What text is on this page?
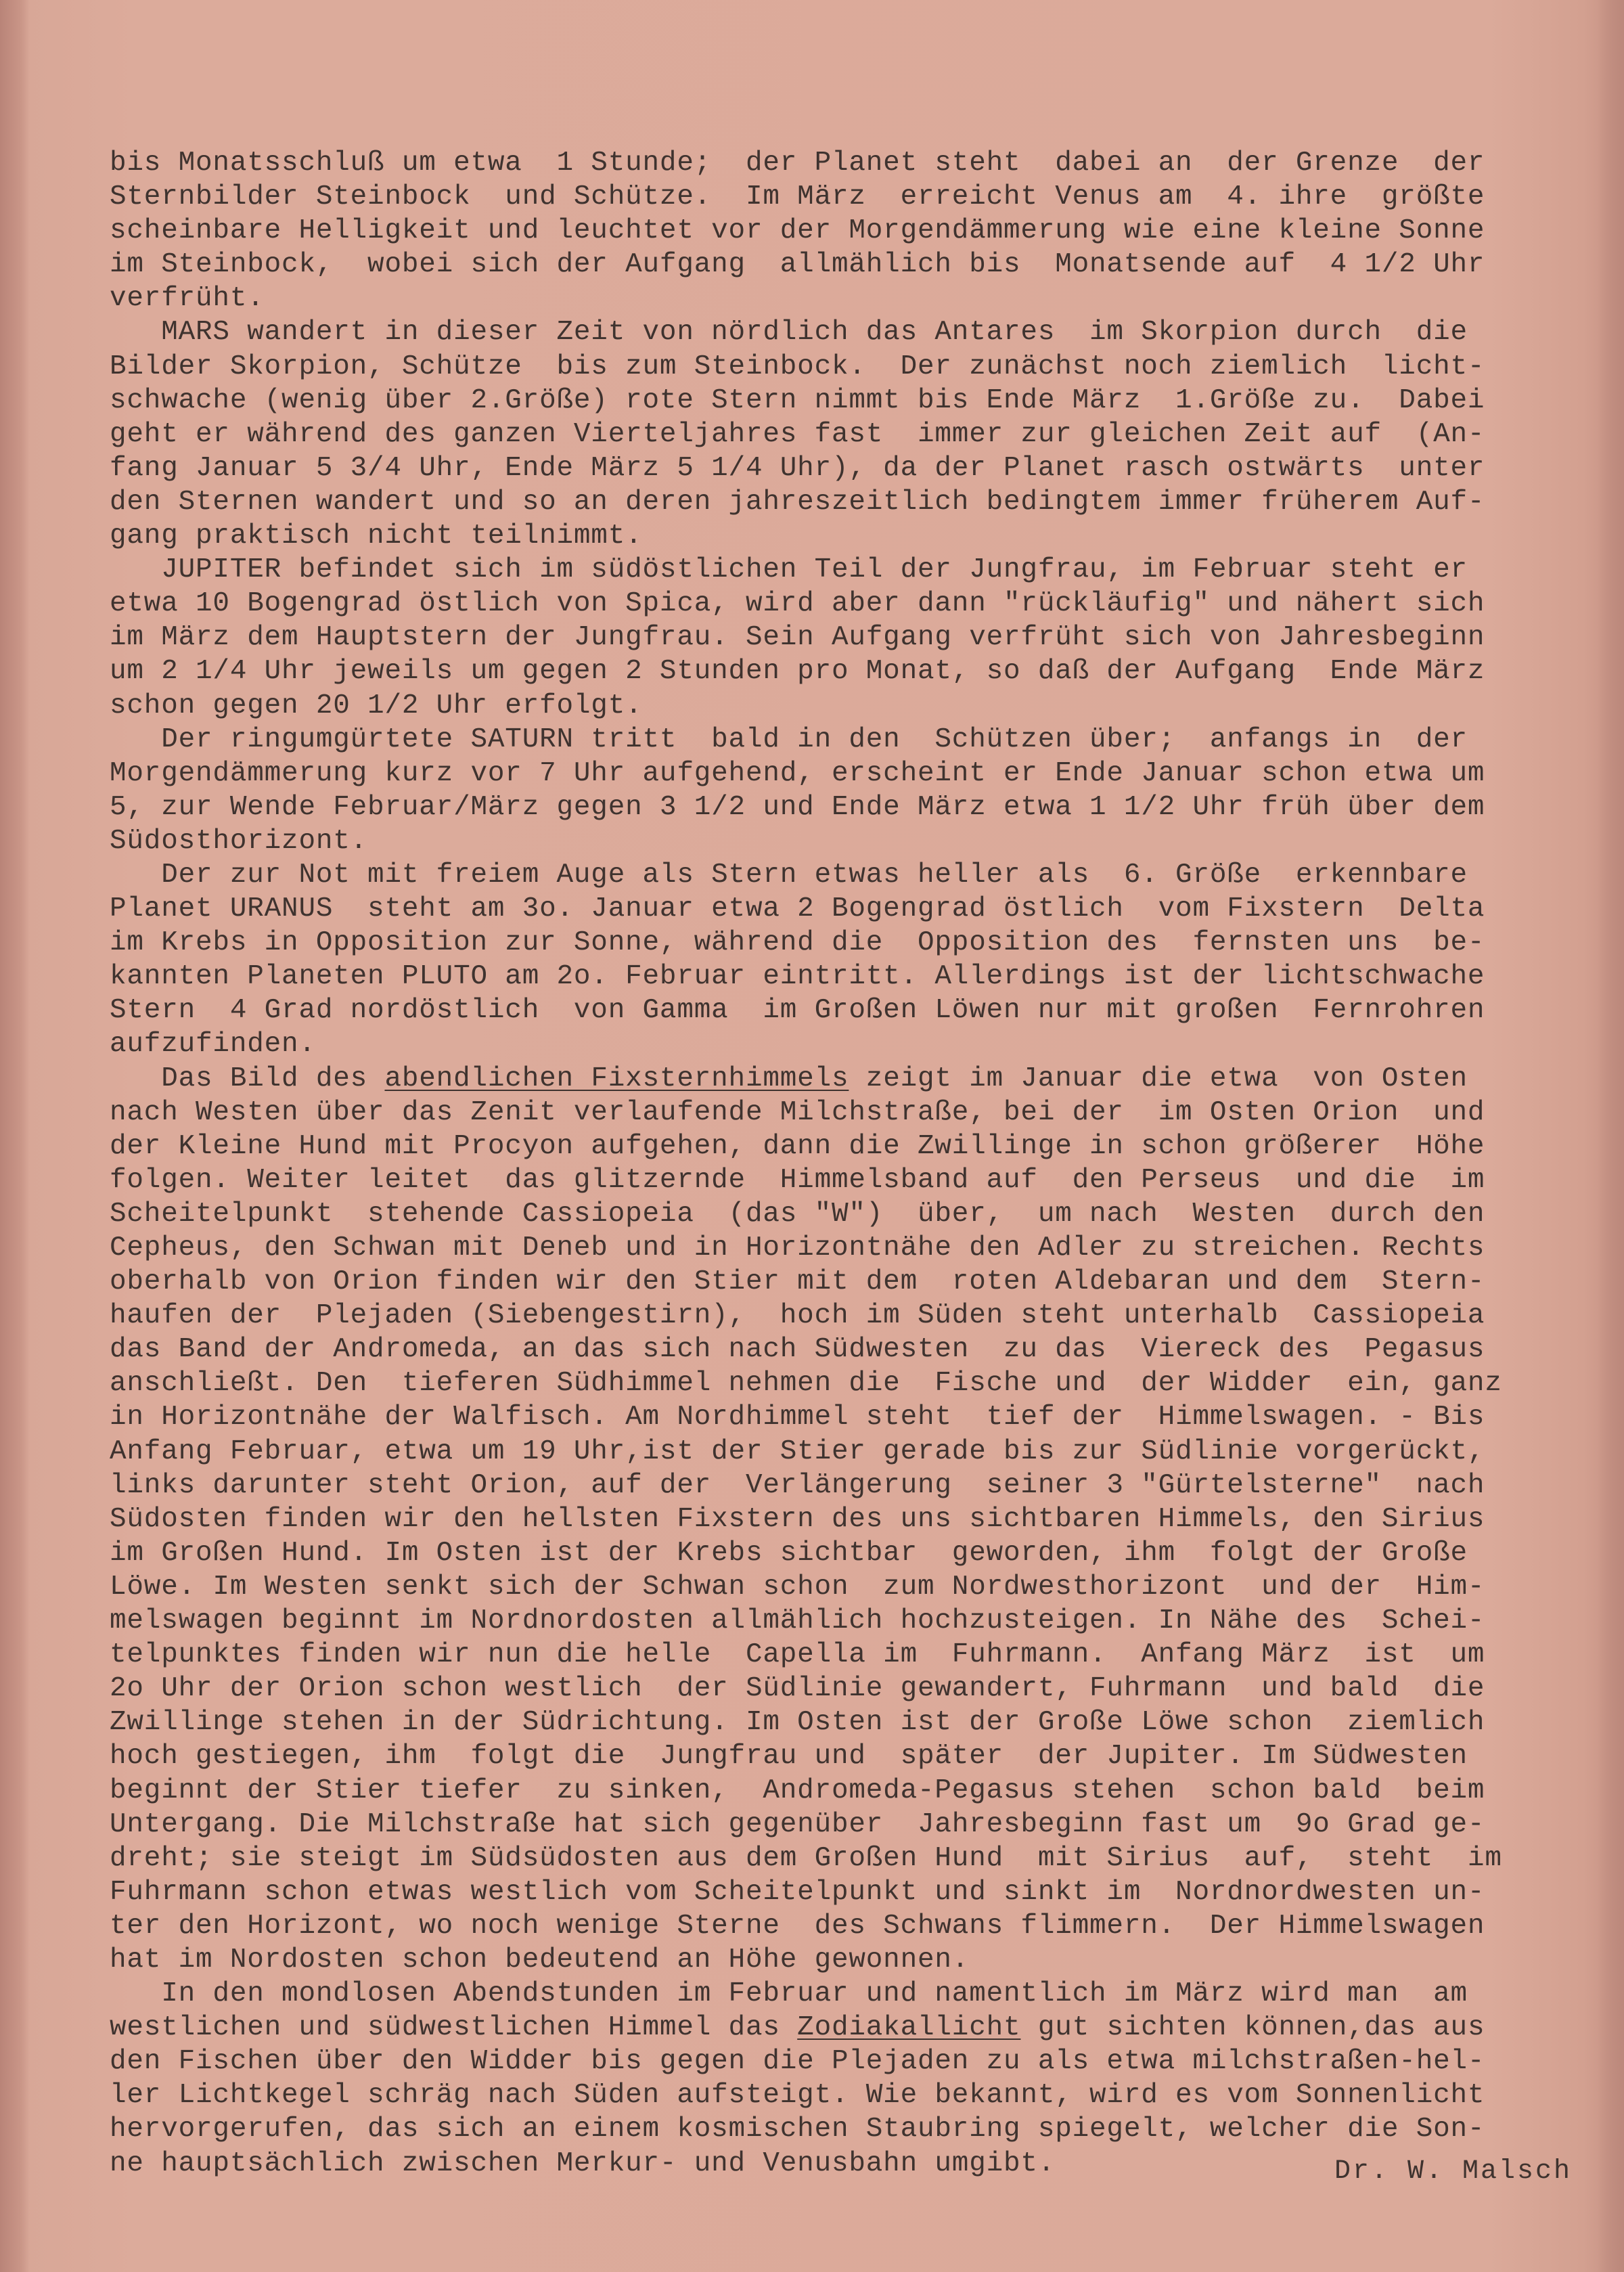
bis Monatsschluß um etwa  1 Stunde;  der Planet steht  dabei an  der Grenze  der
Sternbilder Steinbock  und Schütze.  Im März  erreicht Venus am  4. ihre  größte
scheinbare Helligkeit und leuchtet vor der Morgendämmerung wie eine kleine Sonne
im Steinbock,  wobei sich der Aufgang  allmählich bis  Monatsende auf  4 1/2 Uhr
verfrüht.
MARS wandert in dieser Zeit von nördlich das Antares  im Skorpion durch  die
Bilder Skorpion, Schütze  bis zum Steinbock.  Der zunächst noch ziemlich  licht-
schwache (wenig über 2.Größe) rote Stern nimmt bis Ende März  1.Größe zu.  Dabei
geht er während des ganzen Vierteljahres fast  immer zur gleichen Zeit auf  (An-
fang Januar 5 3/4 Uhr, Ende März 5 1/4 Uhr), da der Planet rasch ostwärts  unter
den Sternen wandert und so an deren jahreszeitlich bedingtem immer früherem Auf-
gang praktisch nicht teilnimmt.
JUPITER befindet sich im südöstlichen Teil der Jungfrau, im Februar steht er
etwa 10 Bogengrad östlich von Spica, wird aber dann "rückläufig" und nähert sich
im März dem Hauptstern der Jungfrau. Sein Aufgang verfrüht sich von Jahresbeginn
um 2 1/4 Uhr jeweils um gegen 2 Stunden pro Monat, so daß der Aufgang  Ende März
schon gegen 20 1/2 Uhr erfolgt.
Der ringumgürtete SATURN tritt  bald in den  Schützen über;  anfangs in  der
Morgendämmerung kurz vor 7 Uhr aufgehend, erscheint er Ende Januar schon etwa um
5, zur Wende Februar/März gegen 3 1/2 und Ende März etwa 1 1/2 Uhr früh über dem
Südosthorizont.
Der zur Not mit freiem Auge als Stern etwas heller als  6. Größe  erkennbare
Planet URANUS  steht am 3o. Januar etwa 2 Bogengrad östlich  vom Fixstern  Delta
im Krebs in Opposition zur Sonne, während die  Opposition des  fernsten uns  be-
kannten Planeten PLUTO am 2o. Februar eintritt. Allerdings ist der lichtschwache
Stern  4 Grad nordöstlich  von Gamma  im Großen Löwen nur mit großen  Fernrohren
aufzufinden.
Das Bild des abendlichen Fixsternhimmels zeigt im Januar die etwa  von Osten
nach Westen über das Zenit verlaufende Milchstraße, bei der  im Osten Orion  und
der Kleine Hund mit Procyon aufgehen, dann die Zwillinge in schon größerer  Höhe
folgen. Weiter leitet  das glitzernde  Himmelsband auf  den Perseus  und die  im
Scheitelpunkt  stehende Cassiopeia  (das "W")  über,  um nach  Westen  durch den
Cepheus, den Schwan mit Deneb und in Horizontnähe den Adler zu streichen. Rechts
oberhalb von Orion finden wir den Stier mit dem  roten Aldebaran und dem  Stern-
haufen der  Plejaden (Siebengestirn),  hoch im Süden steht unterhalb  Cassiopeia
das Band der Andromeda, an das sich nach Südwesten  zu das  Viereck des  Pegasus
anschließt. Den  tieferen Südhimmel nehmen die  Fische und  der Widder  ein, ganz
in Horizontnähe der Walfisch. Am Nordhimmel steht  tief der  Himmelswagen. - Bis
Anfang Februar, etwa um 19 Uhr,ist der Stier gerade bis zur Südlinie vorgerückt,
links darunter steht Orion, auf der  Verlängerung  seiner 3 "Gürtelsterne"  nach
Südosten finden wir den hellsten Fixstern des uns sichtbaren Himmels, den Sirius
im Großen Hund. Im Osten ist der Krebs sichtbar  geworden, ihm  folgt der Große
Löwe. Im Westen senkt sich der Schwan schon  zum Nordwesthorizont  und der  Him-
melswagen beginnt im Nordnordosten allmählich hochzusteigen. In Nähe des  Schei-
telpunktes finden wir nun die helle  Capella im  Fuhrmann.  Anfang März  ist  um
2o Uhr der Orion schon westlich  der Südlinie gewandert, Fuhrmann  und bald  die
Zwillinge stehen in der Südrichtung. Im Osten ist der Große Löwe schon  ziemlich
hoch gestiegen, ihm  folgt die  Jungfrau und  später  der Jupiter. Im Südwesten
beginnt der Stier tiefer  zu sinken,  Andromeda-Pegasus stehen  schon bald  beim
Untergang. Die Milchstraße hat sich gegenüber  Jahresbeginn fast um  9o Grad ge-
dreht; sie steigt im Südsüdosten aus dem Großen Hund  mit Sirius  auf,  steht  im
Fuhrmann schon etwas westlich vom Scheitelpunkt und sinkt im  Nordnordwesten un-
ter den Horizont, wo noch wenige Sterne  des Schwans flimmern.  Der Himmelswagen
hat im Nordosten schon bedeutend an Höhe gewonnen.
In den mondlosen Abendstunden im Februar und namentlich im März wird man  am
westlichen und südwestlichen Himmel das Zodiakallicht gut sichten können,das aus
den Fischen über den Widder bis gegen die Plejaden zu als etwa milchstraßen-hel-
ler Lichtkegel schräg nach Süden aufsteigt. Wie bekannt, wird es vom Sonnenlicht
hervorgerufen, das sich an einem kosmischen Staubring spiegelt, welcher die Son-
ne hauptsächlich zwischen Merkur- und Venusbahn umgibt.	Dr. W. Malsch
